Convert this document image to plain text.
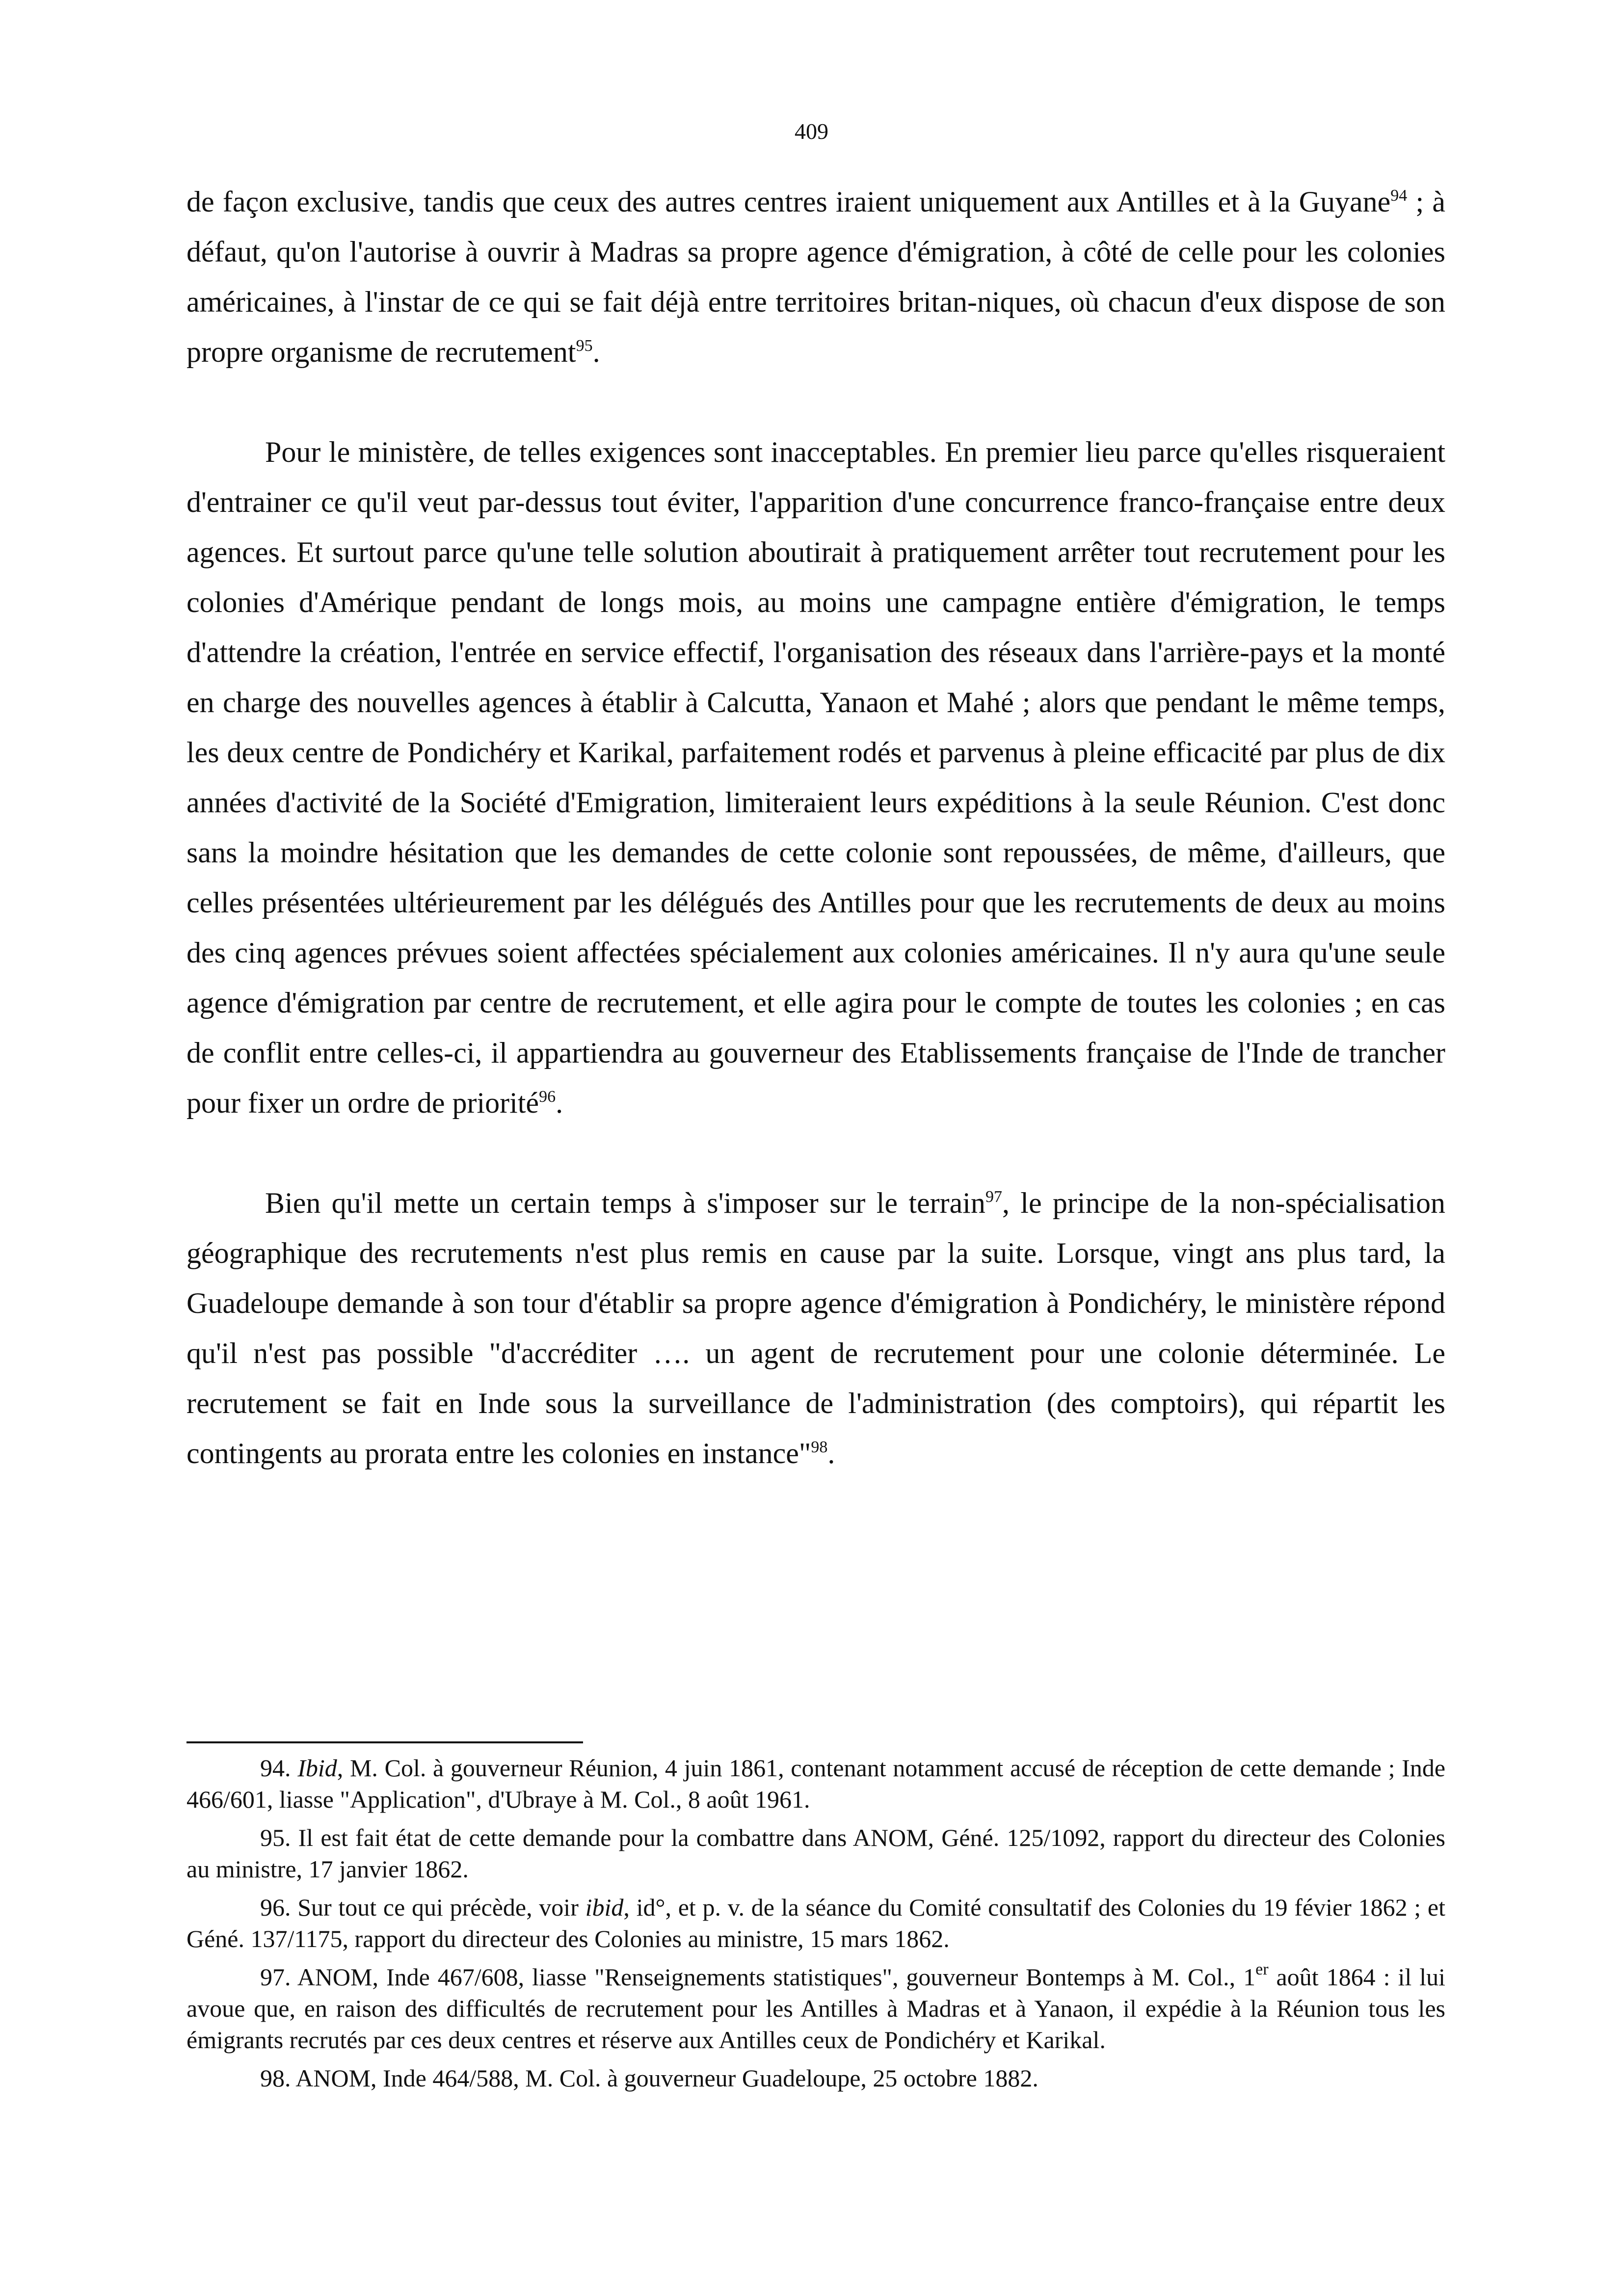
409

de façon exclusive, tandis que ceux des autres centres iraient uniquement aux Antilles et à la Guyane$^{94}$ ; à défaut, qu'on l'autorise à ouvrir à Madras sa propre agence d'émigration, à côté de celle pour les colonies américaines, à l'instar de ce qui se fait déjà entre territoires britan-niques, où chacun d'eux dispose de son propre organisme de recrutement$^{95}$.

Pour le ministère, de telles exigences sont inacceptables. En premier lieu parce qu'elles risqueraient d'entrainer ce qu'il veut par-dessus tout éviter, l'apparition d'une concurrence franco-française entre deux agences. Et surtout parce qu'une telle solution aboutirait à pratiquement arrêter tout recrutement pour les colonies d'Amérique pendant de longs mois, au moins une campagne entière d'émigration, le temps d'attendre la création, l'entrée en service effectif, l'organisation des réseaux dans l'arrière-pays et la monté en charge des nouvelles agences à établir à Calcutta, Yanaon et Mahé ; alors que pendant le même temps, les deux centre de Pondichéry et Karikal, parfaitement rodés et parvenus à pleine efficacité par plus de dix années d'activité de la Société d'Emigration, limiteraient leurs expéditions à la seule Réunion. C'est donc sans la moindre hésitation que les demandes de cette colonie sont repoussées, de même, d'ailleurs, que celles présentées ultérieurement par les délégués des Antilles pour que les recrutements de deux au moins des cinq agences prévues soient affectées spécialement aux colonies américaines. Il n'y aura qu'une seule agence d'émigration par centre de recrutement, et elle agira pour le compte de toutes les colonies ; en cas de conflit entre celles-ci, il appartiendra au gouverneur des Etablissements française de l'Inde de trancher pour fixer un ordre de priorité$^{96}$.

Bien qu'il mette un certain temps à s'imposer sur le terrain$^{97}$, le principe de la non-spécialisation géographique des recrutements n'est plus remis en cause par la suite. Lorsque, vingt ans plus tard, la Guadeloupe demande à son tour d'établir sa propre agence d'émigration à Pondichéry, le ministère répond qu'il n'est pas possible "d'accréditer …. un agent de recrutement pour une colonie déterminée. Le recrutement se fait en Inde sous la surveillance de l'administration (des comptoirs), qui répartit les contingents au prorata entre les colonies en instance"$^{98}$.

94. Ibid, M. Col. à gouverneur Réunion, 4 juin 1861, contenant notamment accusé de réception de cette demande ; Inde 466/601, liasse "Application", d'Ubraye à M. Col., 8 août 1961.

95. Il est fait état de cette demande pour la combattre dans ANOM, Géné. 125/1092, rapport du directeur des Colonies au ministre, 17 janvier 1862.

96. Sur tout ce qui précède, voir ibid, id°, et p. v. de la séance du Comité consultatif des Colonies du 19 févier 1862 ; et Géné. 137/1175, rapport du directeur des Colonies au ministre, 15 mars 1862.

97. ANOM, Inde 467/608, liasse "Renseignements statistiques", gouverneur Bontemps à M. Col., 1er août 1864 : il lui avoue que, en raison des difficultés de recrutement pour les Antilles à Madras et à Yanaon, il expédie à la Réunion tous les émigrants recrutés par ces deux centres et réserve aux Antilles ceux de Pondichéry et Karikal.

98. ANOM, Inde 464/588, M. Col. à gouverneur Guadeloupe, 25 octobre 1882.
